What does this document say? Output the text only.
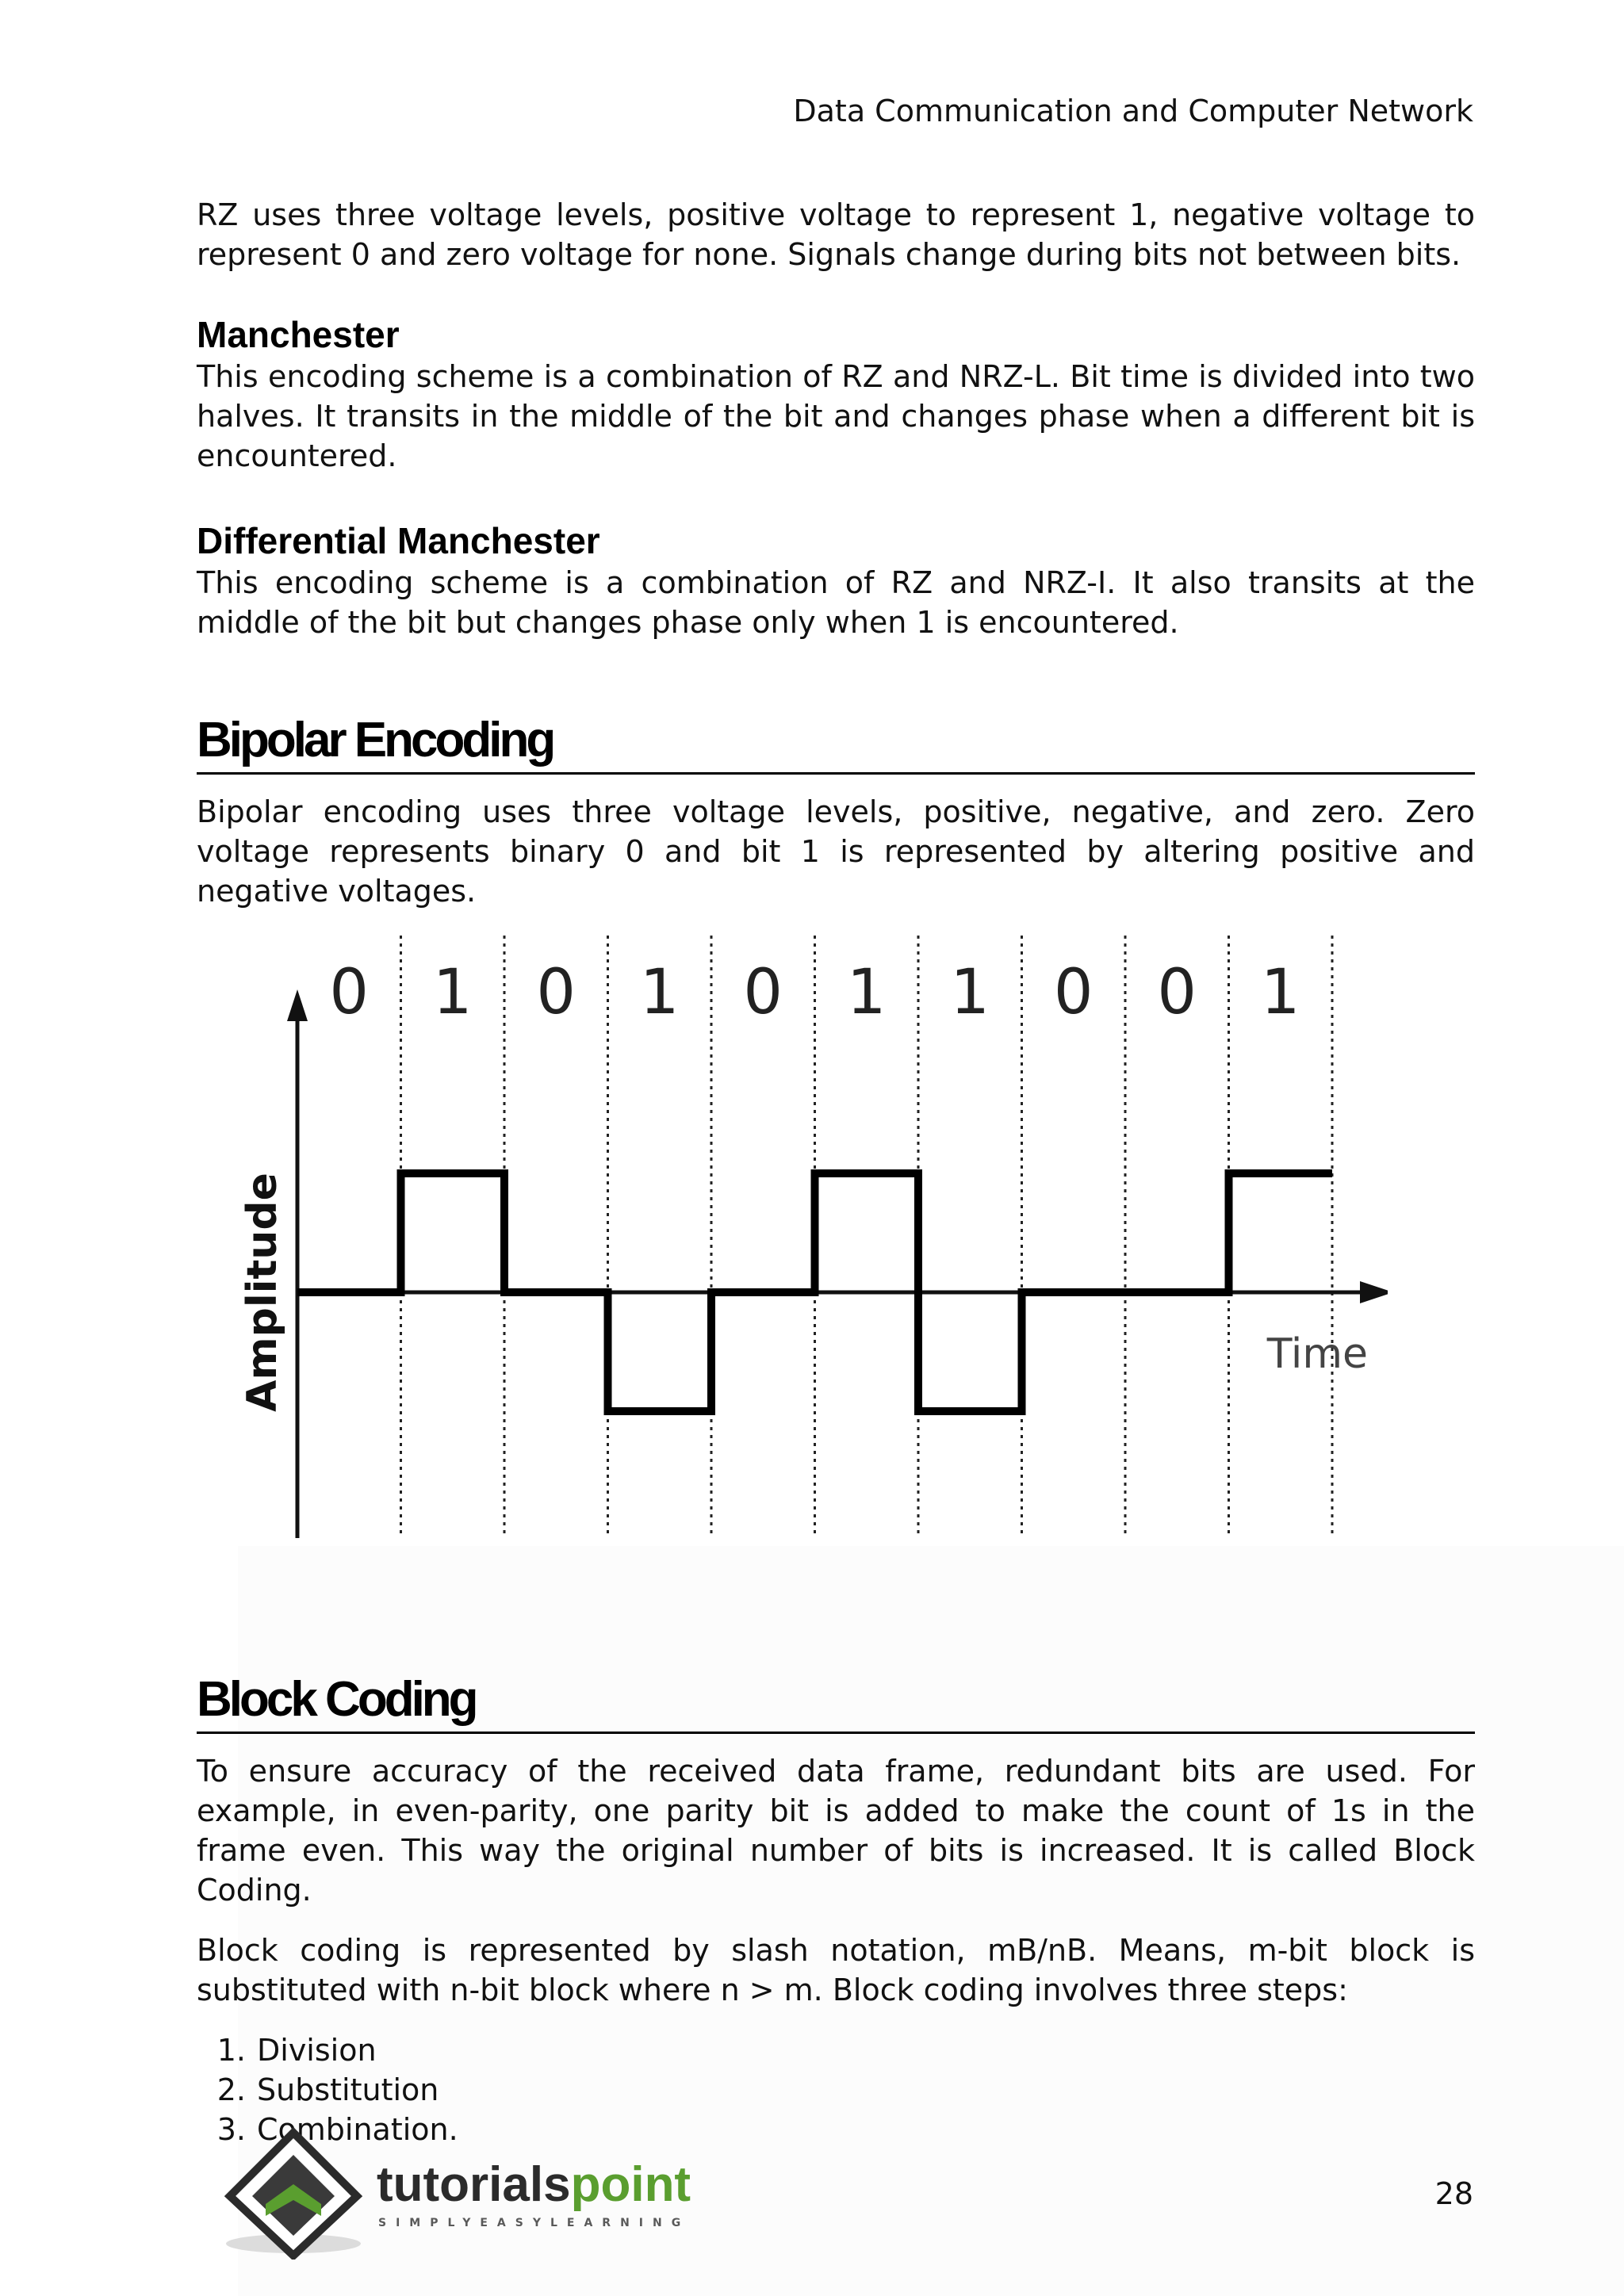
Data Communication and Computer Network

RZ uses three voltage levels, positive voltage to represent 1, negative voltage to represent 0 and zero voltage for none. Signals change during bits not between bits.

Manchester

This encoding scheme is a combination of RZ and NRZ-L. Bit time is divided into two halves. It transits in the middle of the bit and changes phase when a different bit is encountered.

Differential Manchester

This encoding scheme is a combination of RZ and NRZ-I. It also transits at the middle of the bit but changes phase only when 1 is encountered.

Bipolar Encoding

Bipolar encoding uses three voltage levels, positive, negative, and zero. Zero voltage represents binary 0 and bit 1 is represented by altering positive and negative voltages.

Time
Amplitude
0 1 0 1 0 1 1 0 0 1
Block Coding

To ensure accuracy of the received data frame, redundant bits are used. For example, in even-parity, one parity bit is added to make the count of 1s in the frame even. This way the original number of bits is increased. It is called Block Coding.

Block coding is represented by slash notation, mB/nB. Means, m-bit block is substituted with n-bit block where n > m. Block coding involves three steps:

1. Division
2. Substitution
3. Combination.
tutorialspoint
SIMPLYEASYLEARNING
28
